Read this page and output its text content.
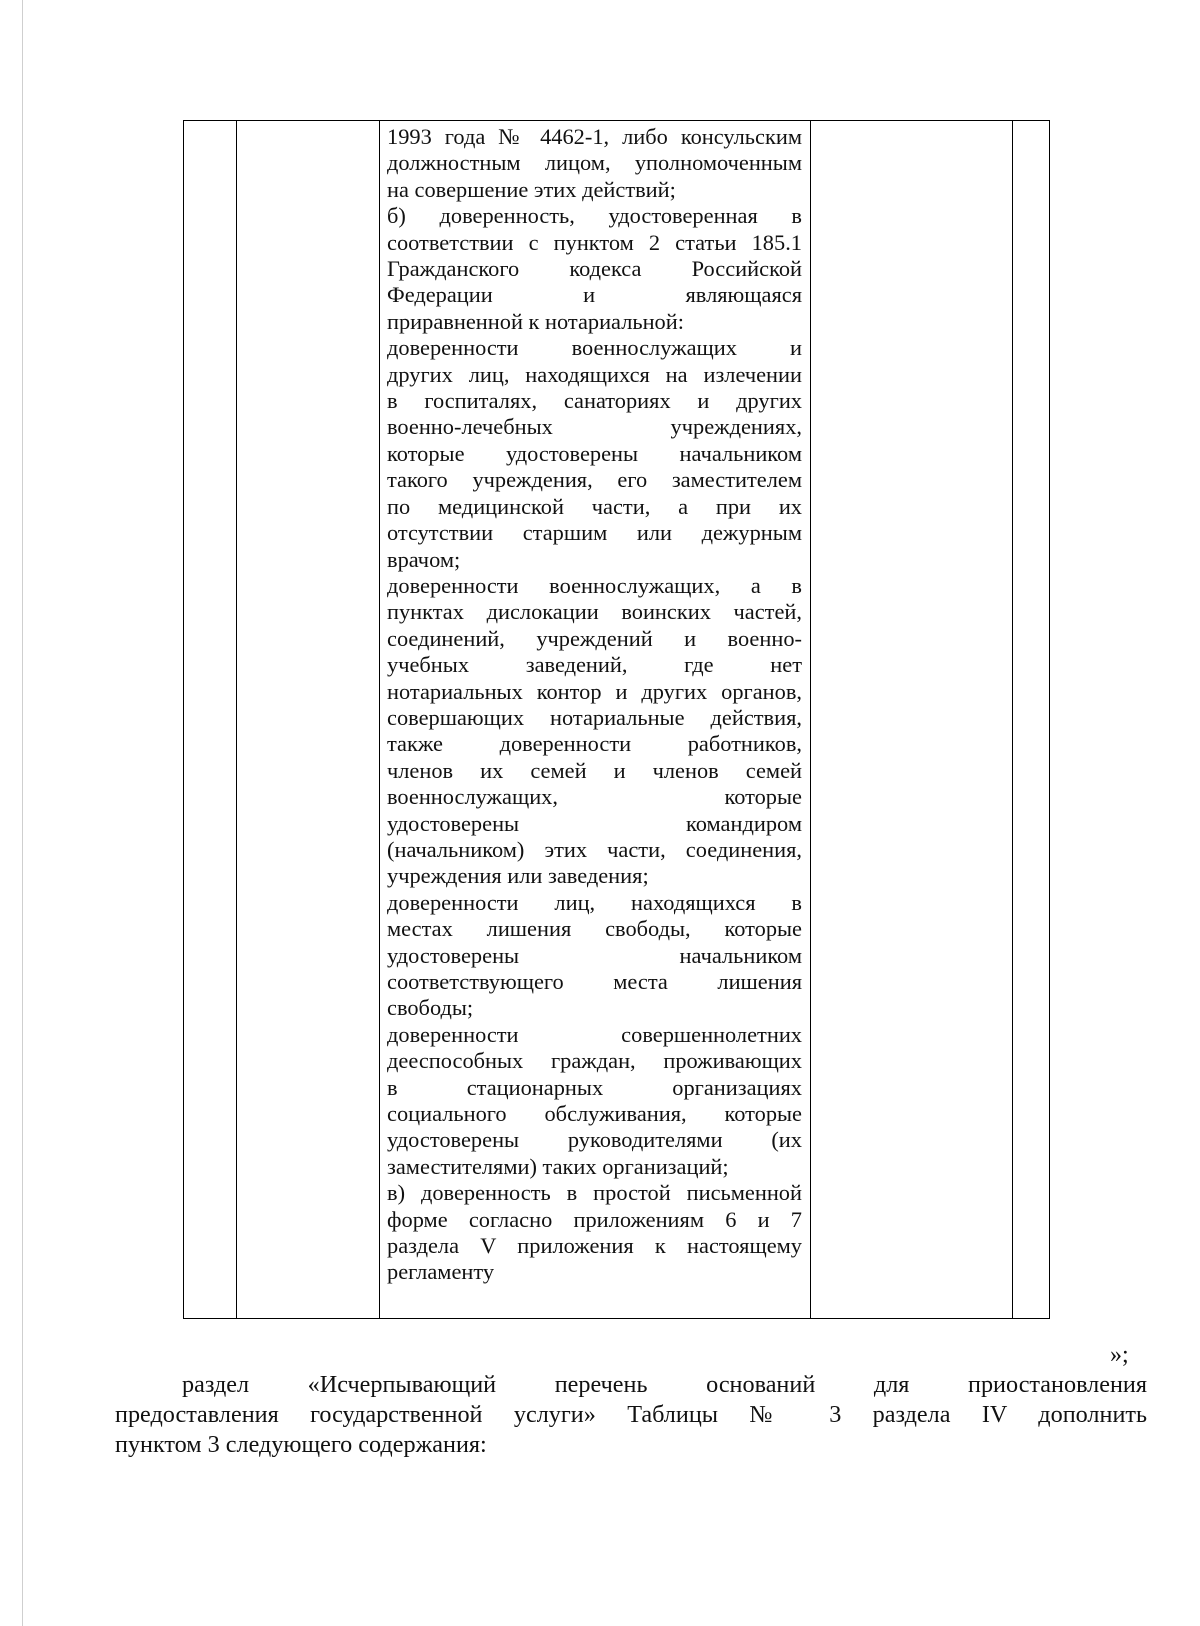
1993 года № 4462-1, либо консульским

должностным лицом, уполномоченным

на совершение этих действий;

б) доверенность, удостоверенная в

соответствии с пунктом 2 статьи 185.1

Гражданского кодекса Российской

Федерации и являющаяся

приравненной к нотариальной:

доверенности военнослужащих и

других лиц, находящихся на излечении

в госпиталях, санаториях и других

военно-лечебных учреждениях,

которые удостоверены начальником

такого учреждения, его заместителем

по медицинской части, а при их

отсутствии старшим или дежурным

врачом;

доверенности военнослужащих, а в

пунктах дислокации воинских частей,

соединений, учреждений и военно-

учебных заведений, где нет

нотариальных контор и других органов,

совершающих нотариальные действия,

также доверенности работников,

членов их семей и членов семей

военнослужащих, которые

удостоверены командиром

(начальником) этих части, соединения,

учреждения или заведения;

доверенности лиц, находящихся в

местах лишения свободы, которые

удостоверены начальником

соответствующего места лишения

свободы;

доверенности совершеннолетних

дееспособных граждан, проживающих

в стационарных организациях

социального обслуживания, которые

удостоверены руководителями (их

заместителями) таких организаций;

в) доверенность в простой письменной

форме согласно приложениям 6 и 7

раздела V приложения к настоящему

регламенту

»;
раздел «Исчерпывающий перечень оснований для приостановления
предоставления государственной услуги» Таблицы № 3 раздела IV дополнить
пунктом 3 следующего содержания:
